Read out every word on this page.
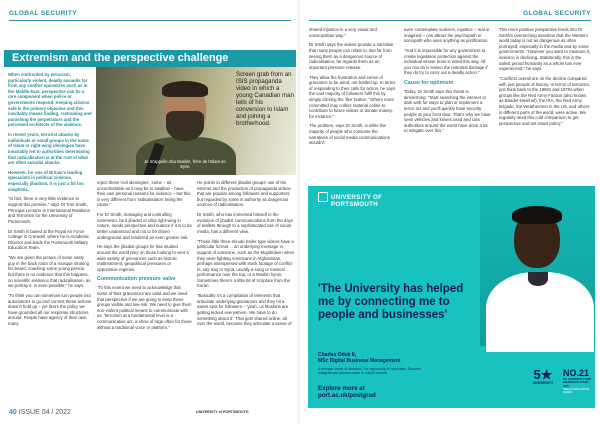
GLOBAL SECURITY
Extremism and the perspective challenge

When confronted by terrorism, particularly violent, deadly assaults far from any conflict epicentres such as in the Middle East, perspective can be a rare component when police or governments respond. Keeping citizens safe is the primary objective and this inevitably means finding, restraining and punishing the perpetrators and the perceived architects of the violence.

In recent years, terrorist attacks by individuals or small groups in the name of Islam or right-wing ideologies have invariably led to authorities determining that radicalisation is at the root of what are often suicidal attacks.

However, for one of Britain's leading specialists in political violence, especially jihadism, it is just a bit too simplistic.

"In fact, there is very little evidence to support this premise," says Dr Tom Smith, Principal Lecturer in International Relations and Terrorism for the University of Portsmouth.

Dr Smith is based at the Royal Air Force College in Cranwell, where he is Academic Director and leads the Portsmouth Military Education Team.

"We are given the picture of some nasty guy in the back room of a mosque stroking his beard, coaching some young person, but there is no evidence that this happens, no scientific evidence that radicalisation, as we portray it, is even possible," he says.

"To think you can somehow turn people into automatons to go and commit these actions doesn't hold up – yet that's the policy we have grounded all our response structures around. People have agency of their own, many

Je m'appelle Abu Muslim, frère de l'Islam en Syrie
Screen grab from an ISIS propaganda video in which a young Canadian man tells of his conversion to Islam and joining a brotherhood.

reject these 'evil ideologies', some – as uncomfortable as it may be to swallow – have their own personal reasons for violence – but this is very different from 'radicalisation' being the cause."

For Dr Smith, managing and controlling extremism, be it jihadist or ultra right-wing in nature, needs perspective and nuance if it is to be better understood and not to be driven underground and rendered an even greater risk.

He says the jihadist groups he has studied around the world prey on those looking to vent a wide variety of grievances such as historic maltreatment, geopolitical pressures or oppressive regimes.

Communication pressure valve

"To this extent we need to acknowledge that some of their grievances are valid and we need that perspective if we are going to keep these groups visible and low-risk. We need to give them non-violent political means to communicate with us. Terrorism at a fundamental level is a communicative act, a show of rage often for those without a traditional voice or platform."

He points to different jihadist groups' use of the internet and the production of propaganda videos that are popular among followers and supporters but regarded by some in authority as dangerous sources of radicalisation.

Dr Smith, who has immersed himself in the evolution of jihadist communications from the days of leaflets through to a sophisticated use of social media, has a different view.

"These little three-minute trailer type videos have a particular format ... an underlying message in support of someone, such as the Mujahideen when they were fighting Americans in Afghanistan, perhaps interspersed with stock footage of conflict in, say Iraq or Syria, usually a song or musical performance over the top, or a Muslim hymn. Sometimes there's a little bit of scripture from the Koran.

"Basically it's a compilation of elements that articulate underlying grievances and they hit a sweet spot for followers – 'yeah, us Muslims are getting kicked everywhere. We have to do something about it'. That gets shared online, all over the world, because they articulate a sense of

40 ISSUE 04 / 2022	UNIVERSITY of PORTSMOUTH
GLOBAL SECURITY

shared injustice in a very visual and cosmopolitan way."

Dr Smith says the videos provide a narrative that many people can relate to. But far from seeing them as a dangerous source of radicalisation, he regards them as an important pressure release.

They allow the frustration and sense of grievance to be aired, not bottled up. In terms of responding to their calls for action, he says the vast majority of followers fulfil this by simply clicking the 'like' button: "Others more committed may collect material online to contribute to future videos or donate money, for instance."

The problem, says Dr Smith, is while the majority of people who consume the narratives of social media communications wouldn't

even contemplate violence, injustice – real or imagined – can attract the psychopath or sociopath who uses anything as justification.

"And it is impossible for any government to create legislation protection against the individual whose brain is wired this way. All you can do is lessen the potential damage if they do try to carry out a deadly action."

Cause for optimism

Today, Dr Smith says this threat is diminishing: "Start searching the internet or dark web for ways to plan or implement a terror act and you'll quickly have security people at your front door. That's why we have seen vehicles and knives used and cuts authorities around the world have done a lot to mitigate over this."

This more positive perspective feeds into Dr Smith's overarching assertion that the Western world today is not as dangerous as often portrayed, especially in the media and by some governments. "However you want to measure it, violence is declining. Statistically, this is the safest period humanity as a whole has ever experienced," he says.

"Conflicts overall are on the decline compared with just periods of history. In terms of terrorism, just think back to the 1960s and 1970s when groups like the Red Army Faction (also known as Baader-Meinhof), the IRA, the Red Army Brigade, the Weathermen in the US, and others in different parts of the world, were active. We regularly need this cold comparison to get perspective and set smart policy."

UNIVERSITY OF
PORTSMOUTH
'The University has helped me by connecting me to people and businesses'
Charles Oduk II,
MSc Digital Business Management
A stronger sense of direction. The opportunity to specialise. Discover postgraduate courses made to unlock careers.
Explore more at
port.ac.uk/postgrad
5★
UNIVERSITY
NO.21
UK UNIVERSITY FOR GRADUATE START-UPS
HEIDI-SA DATA 2018/19 2019/20
